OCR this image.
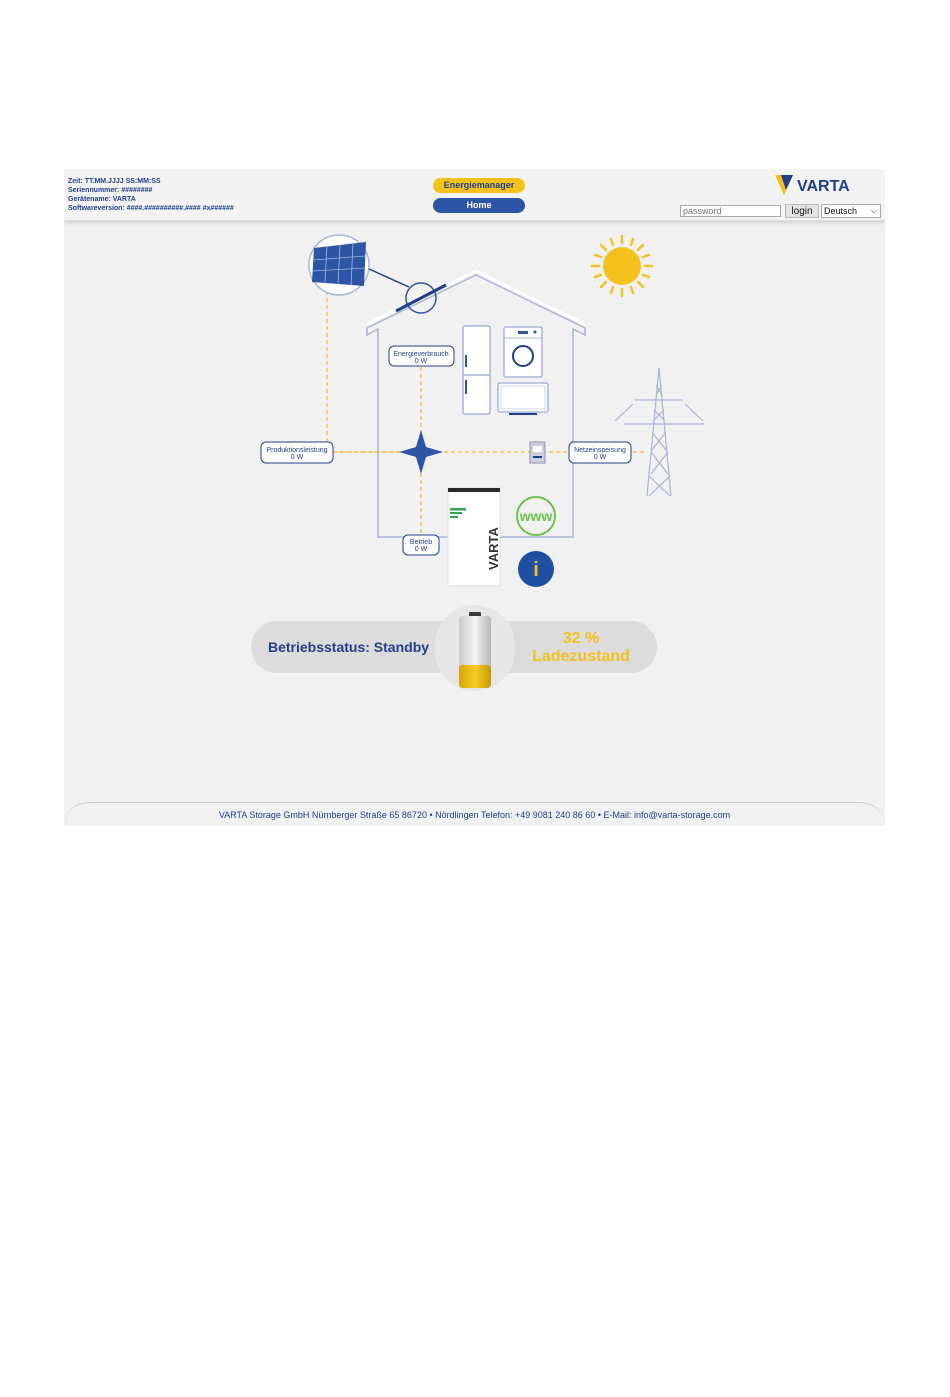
Zeit: TT.MM.JJJJ SS:MM:SS
Seriennummer: ########
Gerätename: VARTA
Softwareversion: ####.##########.#### #x######
Energiemanager
Home
VARTA
login	Deutsch ⌵
VARTA
www
i
Energieverbrauch
0 W
Produktionsleistung
0 W
Netzeinspeisung
0 W
Betrieb
0 W
Betriebsstatus: Standby	32 %
Ladezustand
VARTA Storage GmbH Nürnberger Straße 65 86720 • Nördlingen Telefon: +49 9081 240 86 60 • E-Mail: info@varta-storage.com
